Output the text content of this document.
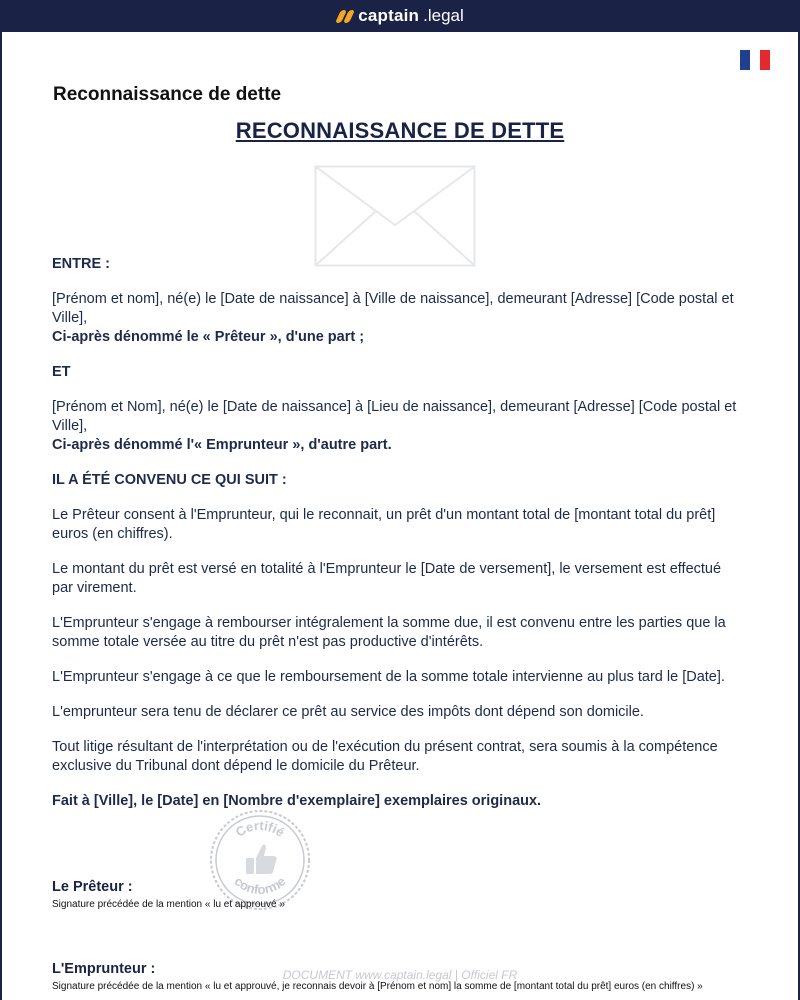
captain .legal
Reconnaissance de dette
RECONNAISSANCE DE DETTE

ENTRE :

[Prénom et nom], né(e) le [Date de naissance] à [Ville de naissance], demeurant [Adresse] [Code postal et Ville],

Ci-après dénommé le « Prêteur », d'une part ;

ET

[Prénom et Nom], né(e) le [Date de naissance] à [Lieu de naissance], demeurant [Adresse] [Code postal et Ville],

Ci-après dénommé l'« Emprunteur », d'autre part.

IL A ÉTÉ CONVENU CE QUI SUIT :

Le Prêteur consent à l'Emprunteur, qui le reconnait, un prêt d'un montant total de [montant total du prêt] euros (en chiffres).

Le montant du prêt est versé en totalité à l'Emprunteur le [Date de versement], le versement est effectué par virement.

L'Emprunteur s'engage à rembourser intégralement la somme due, il est convenu entre les parties que la somme totale versée au titre du prêt n'est pas productive d'intérêts.

L'Emprunteur s'engage à ce que le remboursement de la somme totale intervienne au plus tard le [Date].

L'emprunteur sera tenu de déclarer ce prêt au service des impôts dont dépend son domicile.

Tout litige résultant de l'interprétation ou de l'exécution du présent contrat, sera soumis à la compétence exclusive du Tribunal dont dépend le domicile du Prêteur.

Fait à [Ville], le [Date] en [Nombre d'exemplaire] exemplaires originaux.

Certifié
conforme
Le Prêteur :
Signature précédée de la mention « lu et approuvé »
L'Emprunteur :
Signature précédée de la mention « lu et approuvé, je reconnais devoir à [Prénom et nom] la somme de [montant total du prêt] euros (en chiffres) »
DOCUMENT www.captain.legal | Officiel FR
